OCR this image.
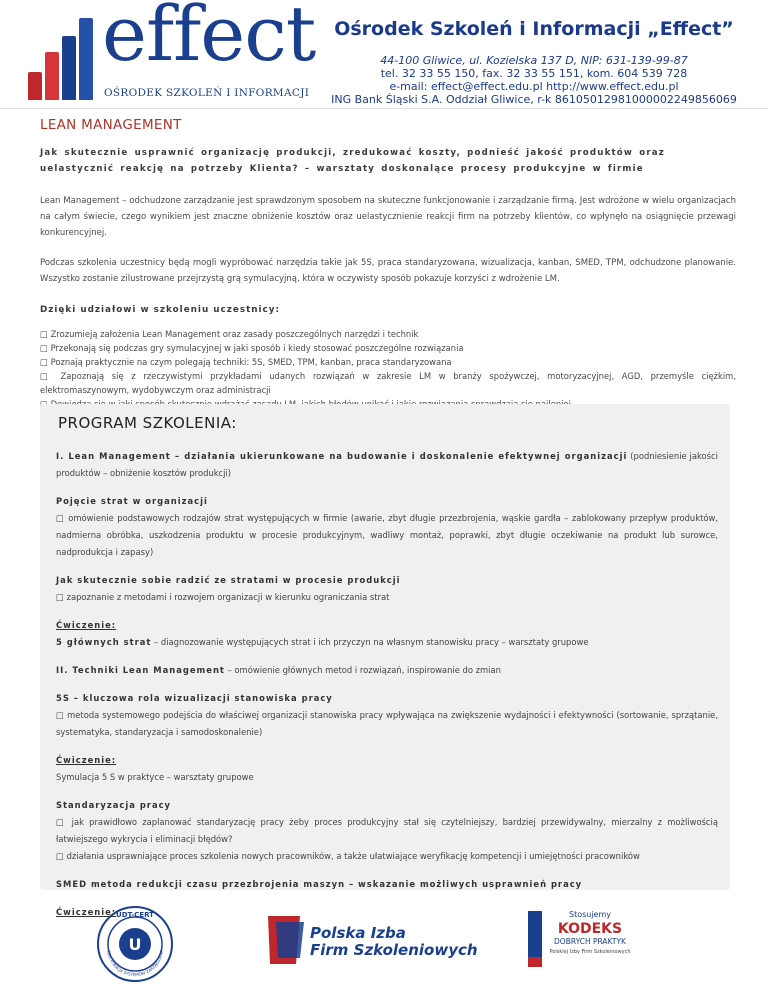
effect
OŚRODEK SZKOLEŃ I INFORMACJI
Ośrodek Szkoleń i Informacji „Effect”
44-100 Gliwice, ul. Kozielska 137 D, NIP: 631-139-99-87
tel. 32 33 55 150, fax. 32 33 55 151, kom. 604 539 728
e-mail: effect@effect.edu.pl http://www.effect.edu.pl
ING Bank Śląski S.A. Oddział Gliwice, r-k 86105012981000002249856069
LEAN MANAGEMENT
Jak skutecznie usprawnić organizację produkcji, zredukować koszty, podnieść jakość produktów oraz uelastycznić reakcję na potrzeby Klienta? – warsztaty doskonalące procesy produkcyjne w firmie
Lean Management – odchudzone zarządzanie jest sprawdzonym sposobem na skuteczne funkcjonowanie i zarządzanie firmą. Jest wdrożone w wielu organizacjach na całym świecie, czego wynikiem jest znaczne obniżenie kosztów oraz uelastycznienie reakcji firm na potrzeby klientów, co wpłynęło na osiągnięcie przewagi konkurencyjnej.
Podczas szkolenia uczestnicy będą mogli wypróbować narzędzia takie jak 5S, praca standaryzowana, wizualizacja, kanban, SMED, TPM, odchudzone planowanie. Wszystko zostanie zilustrowane przejrzystą grą symulacyjną, która w oczywisty sposób pokazuje korzyści z wdrożenie LM.
Dzięki udziałowi w szkoleniu uczestnicy:
□ Zrozumieją założenia Lean Management oraz zasady poszczególnych narzędzi i technik
□ Przekonają się podczas gry symulacyjnej w jaki sposób i kiedy stosować poszczególne rozwiązania
□ Poznają praktycznie na czym polegają techniki: 5S, SMED, TPM, kanban, praca standaryzowana
□ Zapoznają się z rzeczywistymi przykładami udanych rozwiązań w zakresie LM w branży spożywczej, motoryzacyjnej, AGD, przemyśle ciężkim, elektromaszynowym, wydobywczym oraz administracji
PROGRAM SZKOLENIA:
I. Lean Management – działania ukierunkowane na budowanie i doskonalenie efektywnej organizacji (podniesienie jakości produktów – obniżenie kosztów produkcji)
Pojęcie strat w organizacji
□ omówienie podstawowych rodzajów strat występujących w firmie (awarie, zbyt długie przezbrojenia, wąskie gardła – zablokowany przepływ produktów, nadmierna obróbka, uszkodzenia produktu w procesie produkcyjnym, wadliwy montaż, poprawki, zbyt długie oczekiwanie na produkt lub surowce, nadprodukcja i zapasy)
Jak skutecznie sobie radzić ze stratami w procesie produkcji
□ zapoznanie z metodami i rozwojem organizacji w kierunku ograniczania strat
Ćwiczenie:
5 głównych strat – diagnozowanie występujących strat i ich przyczyn na własnym stanowisku pracy – warsztaty grupowe
II. Techniki Lean Management – omówienie głównych metod i rozwiązań, inspirowanie do zmian
5S – kluczowa rola wizualizacji stanowiska pracy
□ metoda systemowego podejścia do właściwej organizacji stanowiska pracy wpływająca na zwiększenie wydajności i efektywności (sortowanie, sprzątanie, systematyka, standaryzacja i samodoskonalenie)
Ćwiczenie:
Symulacja 5 S w praktyce – warsztaty grupowe
Standaryzacja pracy
□ jak prawidłowo zaplanować standaryzację pracy żeby proces produkcyjny stał się czytelniejszy, bardziej przewidywalny, mierzalny z możliwością łatwiejszego wykrycia i eliminacji błędów?
□ działania usprawniające proces szkolenia nowych pracowników, a także ułatwiające weryfikację kompetencji i umiejętności pracowników
SMED metoda redukcji czasu przezbrojenia maszyn – wskazanie możliwych usprawnień pracy
Ćwiczenie: UDT-CERT
U
CERTYFIKACJA SYSTEMÓW ZARZĄDZANIA
Polska Izba
Firm Szkoleniowych
Stosujemy
KODEKS
DOBRYCH PRAKTYK
Polskiej Izby Firm Szkoleniowych
